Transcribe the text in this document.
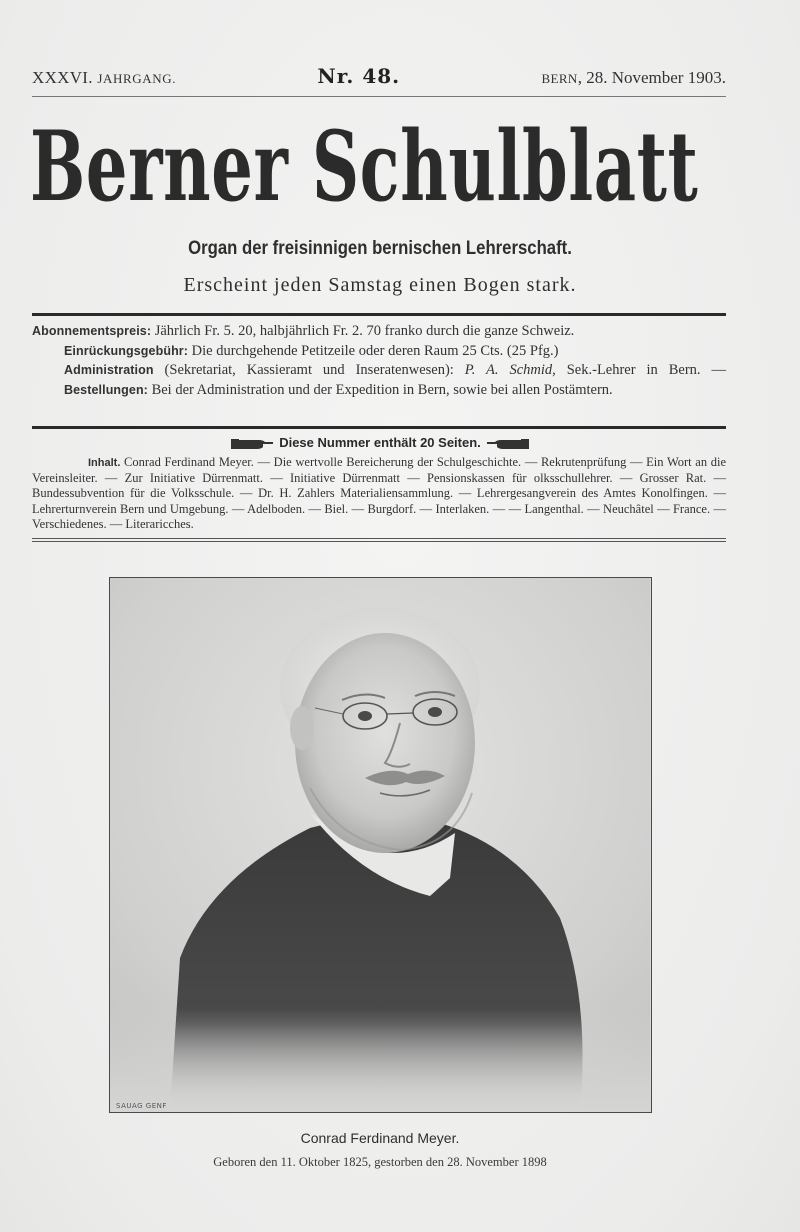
XXXVI. JAHRGANG.	Nr. 48.	BERN, 28. November 1903.
Berner Schulblatt
Organ der freisinnigen bernischen Lehrerschaft.
Erscheint jeden Samstag einen Bogen stark.

Abonnementspreis: Jährlich Fr. 5. 20, halbjährlich Fr. 2. 70 franko durch die ganze Schweiz.

Einrückungsgebühr: Die durchgehende Petitzeile oder deren Raum 25 Cts. (25 Pfg.)

Administration (Sekretariat, Kassieramt und Inseratenwesen): P. A. Schmid, Sek.-Lehrer in Bern. — Bestellungen: Bei der Administration und der Expedition in Bern, sowie bei allen Postämtern.

Diese Nummer enthält 20 Seiten.
Inhalt. Conrad Ferdinand Meyer. — Die wertvolle Bereicherung der Schulgeschichte. — Rekrutenprüfung — Ein Wort an die Vereinsleiter. — Zur Initiative Dürrenmatt. — Initiative Dürrenmatt — Pensionskassen für olksschullehrer. — Grosser Rat. — Bundessubvention für die Volksschule. — Dr. H. Zahlers Materialiensammlung. — Lehrergesangverein des Amtes Konolfingen. — Lehrerturnverein Bern und Umgebung. — Adelboden. — Biel. — Burgdorf. — Interlaken. — — Langenthal. — Neuchâtel — France. — Verschiedenes. — Literaricches.
SAUAG GENF
Conrad Ferdinand Meyer.
Geboren den 11. Oktober 1825, gestorben den 28. November 1898
